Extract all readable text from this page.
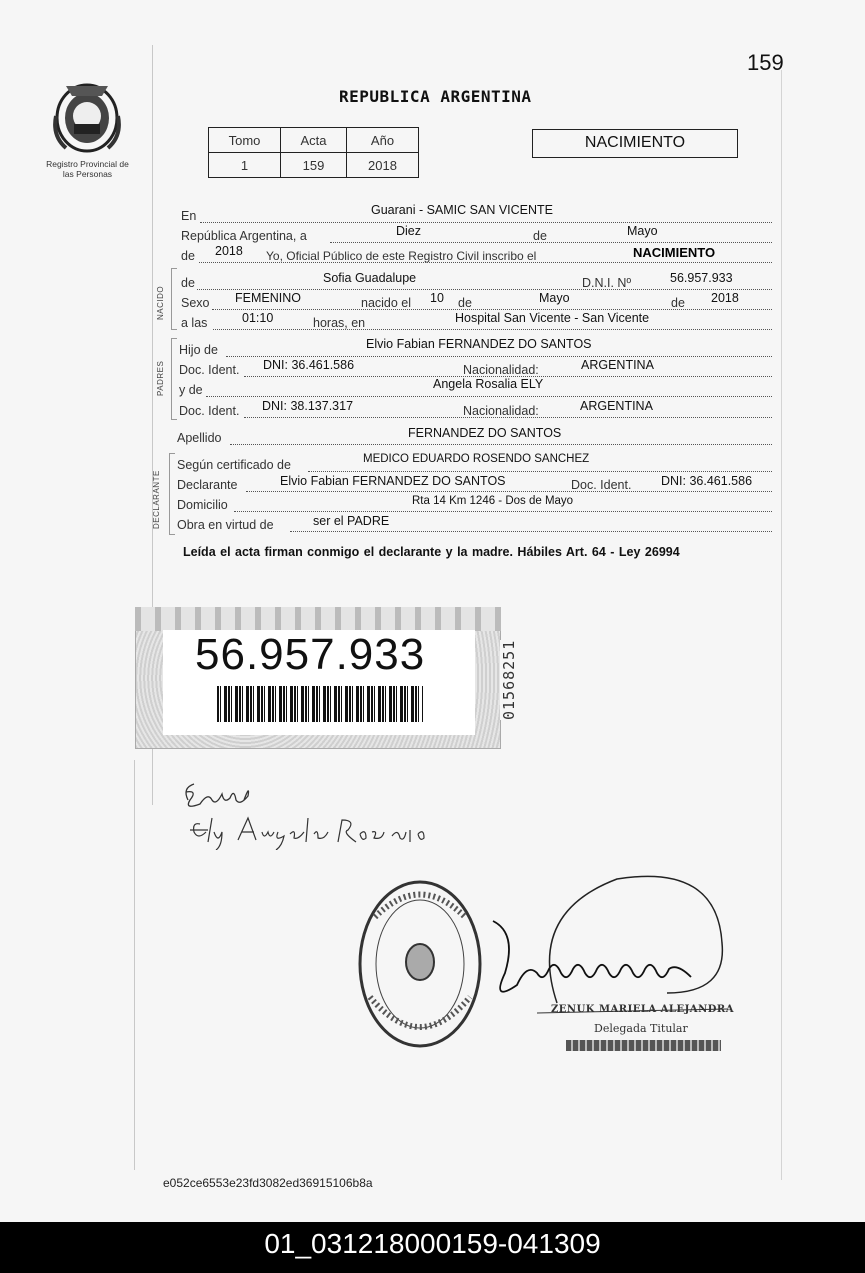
159
Registro Provincial de las Personas
REPUBLICA ARGENTINA
Tomo	Acta	Año
1	159	2018
NACIMIENTO
En	Guarani - SAMIC SAN VICENTE
República Argentina, a	Diez	de	Mayo
de 2018 Yo, Oficial Público de este Registro Civil inscribo el	NACIMIENTO
NACIDO
de	Sofia Guadalupe	D.N.I. Nº	56.957.933
Sexo FEMENINO	nacido el 10 de	Mayo	de 2018
a las	01:10	horas, en	Hospital San Vicente - San Vicente
PADRES
Hijo de	Elvio Fabian FERNANDEZ DO SANTOS
Doc. Ident. DNI: 36.461.586	Nacionalidad:	ARGENTINA
y de	Angela Rosalia ELY
Doc. Ident. DNI: 38.137.317	Nacionalidad:	ARGENTINA
Apellido	FERNANDEZ DO SANTOS
DECLARANTE
Según certificado de	MEDICO EDUARDO ROSENDO SANCHEZ
Declarante	Elvio Fabian FERNANDEZ DO SANTOS	Doc. Ident. DNI: 36.461.586
Domicilio	Rta 14 Km 1246 - Dos de Mayo
Obra en virtud de	ser el PADRE
Leída el acta firman conmigo el declarante y la madre. Hábiles Art. 64 - Ley 26994
56.957.933	01568251
ZENUK MARIELA ALEJANDRA
Delegada Titular
e052ce6553e23fd3082ed36915106b8a
01_031218000159-041309
